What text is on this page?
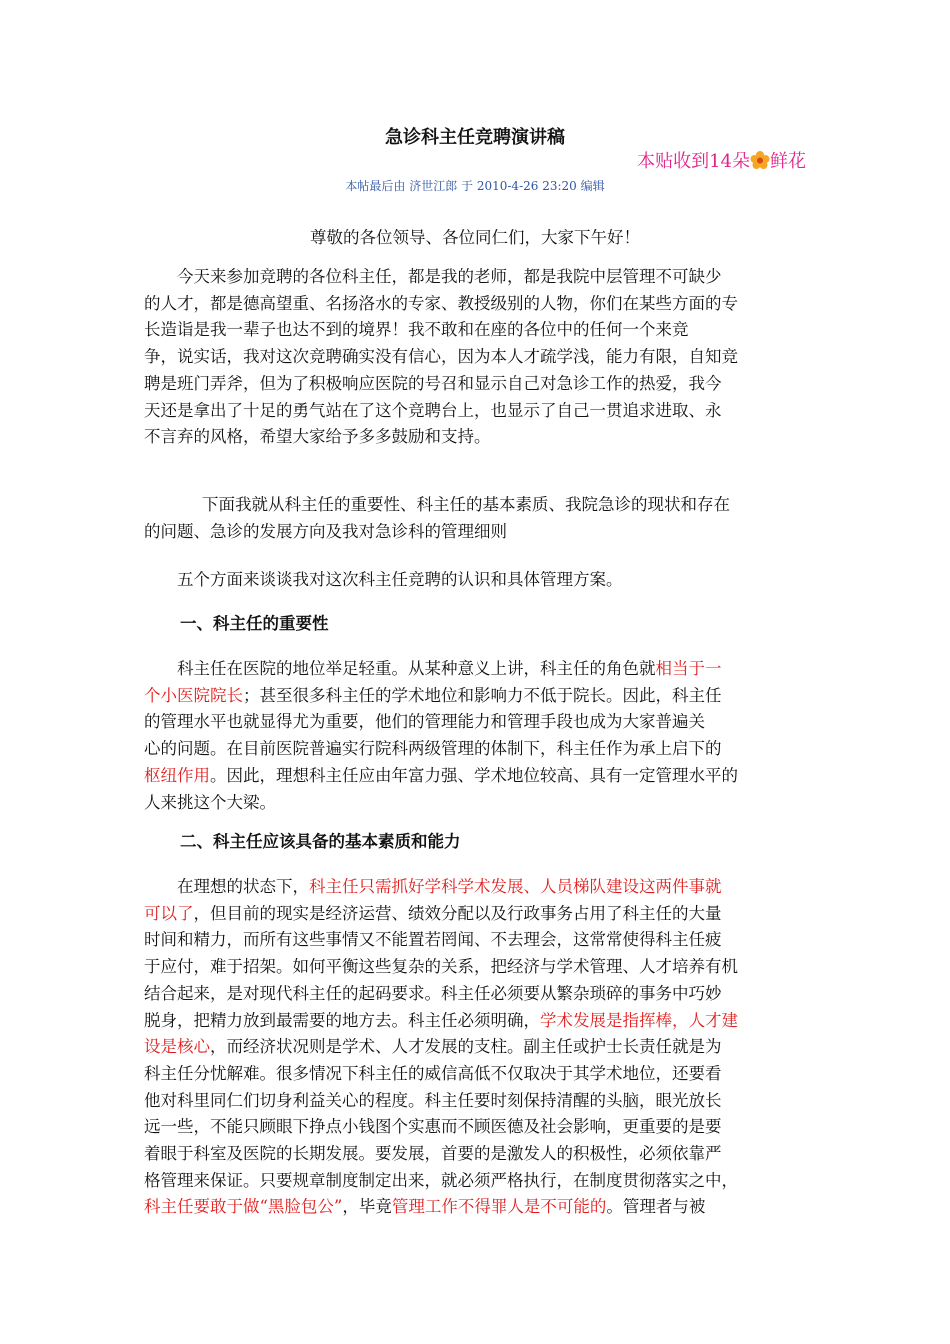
急诊科主任竞聘演讲稿
本贴收到14朵 鲜花
本帖最后由 济世江郎 于 2010-4-26 23:20 编辑
尊敬的各位领导、各位同仁们，大家下午好！
今天来参加竞聘的各位科主任，都是我的老师，都是我院中层管理不可缺少
的人才，都是德高望重、名扬洛水的专家、教授级别的人物，你们在某些方面的专
长造诣是我一辈子也达不到的境界！我不敢和在座的各位中的任何一个来竞
争，说实话，我对这次竞聘确实没有信心，因为本人才疏学浅，能力有限，自知竞
聘是班门弄斧，但为了积极响应医院的号召和显示自己对急诊工作的热爱，我今
天还是拿出了十足的勇气站在了这个竞聘台上，也显示了自己一贯追求进取、永
不言弃的风格，希望大家给予多多鼓励和支持。
下面我就从科主任的重要性、科主任的基本素质、我院急诊的现状和存在
的问题、急诊的发展方向及我对急诊科的管理细则
五个方面来谈谈我对这次科主任竞聘的认识和具体管理方案。
一、科主任的重要性
科主任在医院的地位举足轻重。从某种意义上讲，科主任的角色就相当于一
个小医院院长；甚至很多科主任的学术地位和影响力不低于院长。因此，科主任
的管理水平也就显得尤为重要，他们的管理能力和管理手段也成为大家普遍关
心的问题。在目前医院普遍实行院科两级管理的体制下，科主任作为承上启下的
枢纽作用。因此，理想科主任应由年富力强、学术地位较高、具有一定管理水平的
人来挑这个大梁。
二、科主任应该具备的基本素质和能力
在理想的状态下，科主任只需抓好学科学术发展、人员梯队建设这两件事就
可以了，但目前的现实是经济运营、绩效分配以及行政事务占用了科主任的大量
时间和精力，而所有这些事情又不能置若罔闻、不去理会，这常常使得科主任疲
于应付，难于招架。如何平衡这些复杂的关系，把经济与学术管理、人才培养有机
结合起来，是对现代科主任的起码要求。科主任必须要从繁杂琐碎的事务中巧妙
脱身，把精力放到最需要的地方去。科主任必须明确，学术发展是指挥棒，人才建
设是核心，而经济状况则是学术、人才发展的支柱。副主任或护士长责任就是为
科主任分忧解难。很多情况下科主任的威信高低不仅取决于其学术地位，还要看
他对科里同仁们切身利益关心的程度。科主任要时刻保持清醒的头脑，眼光放长
远一些，不能只顾眼下挣点小钱图个实惠而不顾医德及社会影响，更重要的是要
着眼于科室及医院的长期发展。要发展，首要的是激发人的积极性，必须依靠严
格管理来保证。只要规章制度制定出来，就必须严格执行，在制度贯彻落实之中，
科主任要敢于做“黑脸包公”，毕竟管理工作不得罪人是不可能的。管理者与被
